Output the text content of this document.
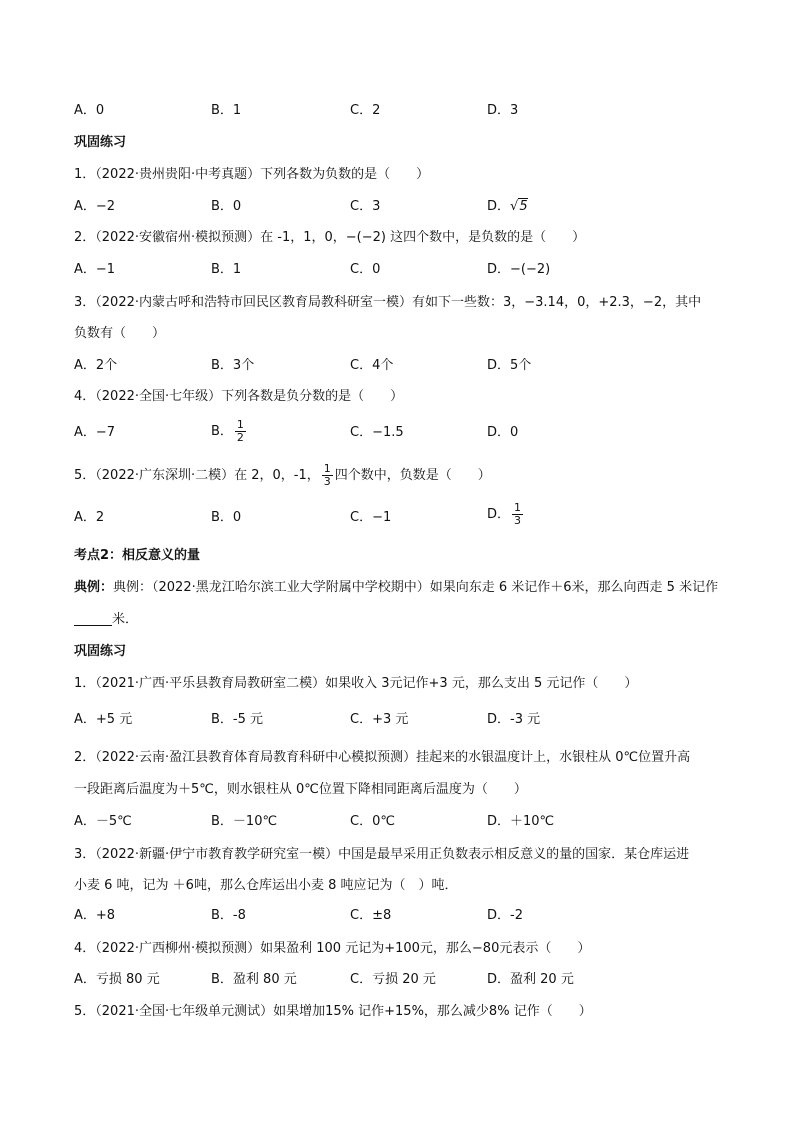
A．0	B．1	C．2	D．3
巩固练习
1．（2022·贵州贵阳·中考真题）下列各数为负数的是（　　）
A．−2	B．0	C．3	D．√5
2．（2022·安徽宿州·模拟预测）在 -1，1，0，−(−2) 这四个数中，是负数的是（　　）
A．−1	B．1	C．0	D．−(−2)
3．（2022·内蒙古呼和浩特市回民区教育局教科研室一模）有如下一些数：3，−3.14，0，+2.3，−2，其中
负数有（　　）
A．2个	B．3个	C．4个	D．5个
4．（2022·全国·七年级）下列各数是负分数的是（　　）
A．−7	B． $\frac{1}{2}$	C．−1.5	D．0
5．（2022·广东深圳·二模）在 2，0，-1， $\frac{1}{3}$ 四个数中，负数是（　　）
A．2	B．0	C．−1	D． $\frac{1}{3}$
考点2：相反意义的量
典例：典例：（2022·黑龙江哈尔滨工业大学附属中学校期中）如果向东走 6 米记作＋6米，那么向西走 5 米记作
米．
巩固练习
1．（2021·广西·平乐县教育局教研室二模）如果收入 3元记作+3 元，那么支出 5 元记作（　　）
A．+5 元	B．-5 元	C．+3 元	D．-3 元
2．（2022·云南·盈江县教育体育局教育科研中心模拟预测）挂起来的水银温度计上，水银柱从 0℃位置升高
一段距离后温度为＋5℃，则水银柱从 0℃位置下降相同距离后温度为（　　）
A．－5℃	B．－10℃	C．0℃	D．＋10℃
3．（2022·新疆·伊宁市教育教学研究室一模）中国是最早采用正负数表示相反意义的量的国家．某仓库运进
小麦 6 吨，记为 ＋6吨，那么仓库运出小麦 8 吨应记为（　）吨．
A．+8	B．-8	C．±8	D．-2
4．（2022·广西柳州·模拟预测）如果盈利 100 元记为+100元，那么−80元表示（　　）
A．亏损 80 元	B．盈利 80 元	C．亏损 20 元	D．盈利 20 元
5．（2021·全国·七年级单元测试）如果增加15% 记作+15%，那么减少8% 记作（　　）
